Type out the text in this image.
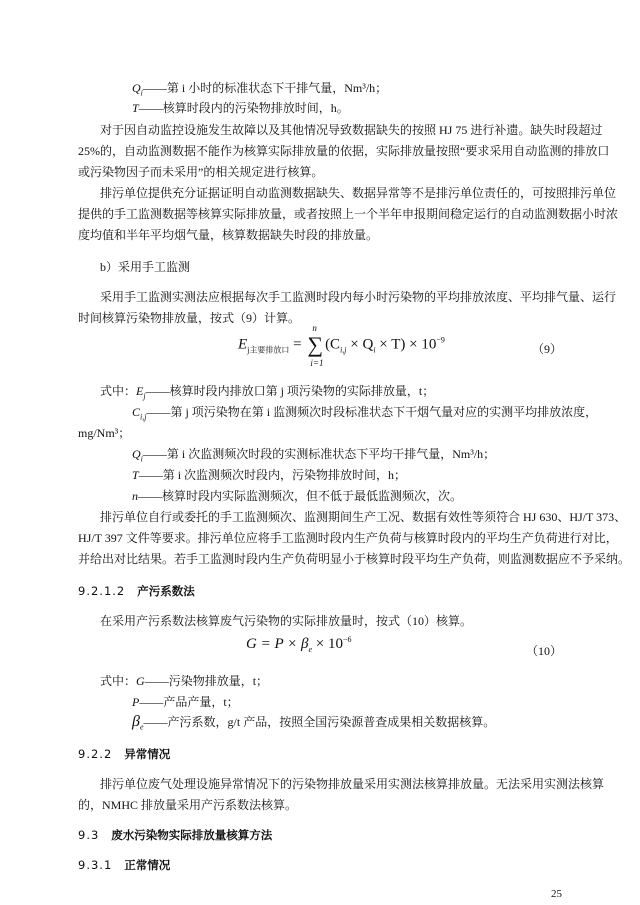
$Q_i——$第 i 小时的标准状态下干排气量，Nm³/h；
T——核算时段内的污染物排放时间，h。
对于因自动监控设施发生故障以及其他情况导致数据缺失的按照 HJ 75 进行补遗。缺失时段超过
25%的，自动监测数据不能作为核算实际排放量的依据，实际排放量按照“要求采用自动监测的排放口
或污染物因子而未采用”的相关规定进行核算。
排污单位提供充分证据证明自动监测数据缺失、数据异常等不是排污单位责任的，可按照排污单位
提供的手工监测数据等核算实际排放量，或者按照上一个半年申报期间稳定运行的自动监测数据小时浓
度均值和半年平均烟气量，核算数据缺失时段的排放量。
b）采用手工监测
采用手工监测实测法应根据每次手工监测时段内每小时污染物的平均排放浓度、平均排气量、运行
时间核算污染物排放量，按式（9）计算。
$E_{j主要排放口}$ = ∑
n
i=1
$(C_{i,j} \times Q_i \times T) \times 10^{-9}$
（9）
式中：$E_j——$核算时段内排放口第 j 项污染物的实际排放量，t；
$C_{i,j}——$第 j 项污染物在第 i 监测频次时段标准状态下干烟气量对应的实测平均排放浓度，
mg/Nm³；
$Q_i——$第 i 次监测频次时段的实测标准状态下平均干排气量，Nm³/h；
T——第 i 次监测频次时段内，污染物排放时间，h；
n——核算时段内实际监测频次，但不低于最低监测频次，次。
排污单位自行或委托的手工监测频次、监测期间生产工况、数据有效性等须符合 HJ 630、HJ/T 373、
HJ/T 397 文件等要求。排污单位应将手工监测时段内生产负荷与核算时段内的平均生产负荷进行对比，
并给出对比结果。若手工监测时段内生产负荷明显小于核算时段平均生产负荷，则监测数据应不予采纳。
9.2.1.2 产污系数法
在采用产污系数法核算废气污染物的实际排放量时，按式（10）核算。
$G = P \times \beta_e \times 10^{-6}$
（10）
式中：G——污染物排放量，t；
P——产品产量，t；
$\beta_e——$产污系数，g/t 产品，按照全国污染源普查成果相关数据核算。
9.2.2 异常情况
排污单位废气处理设施异常情况下的污染物排放量采用实测法核算排放量。无法采用实测法核算
的，NMHC 排放量采用产污系数法核算。
9.3 废水污染物实际排放量核算方法
9.3.1 正常情况
25
